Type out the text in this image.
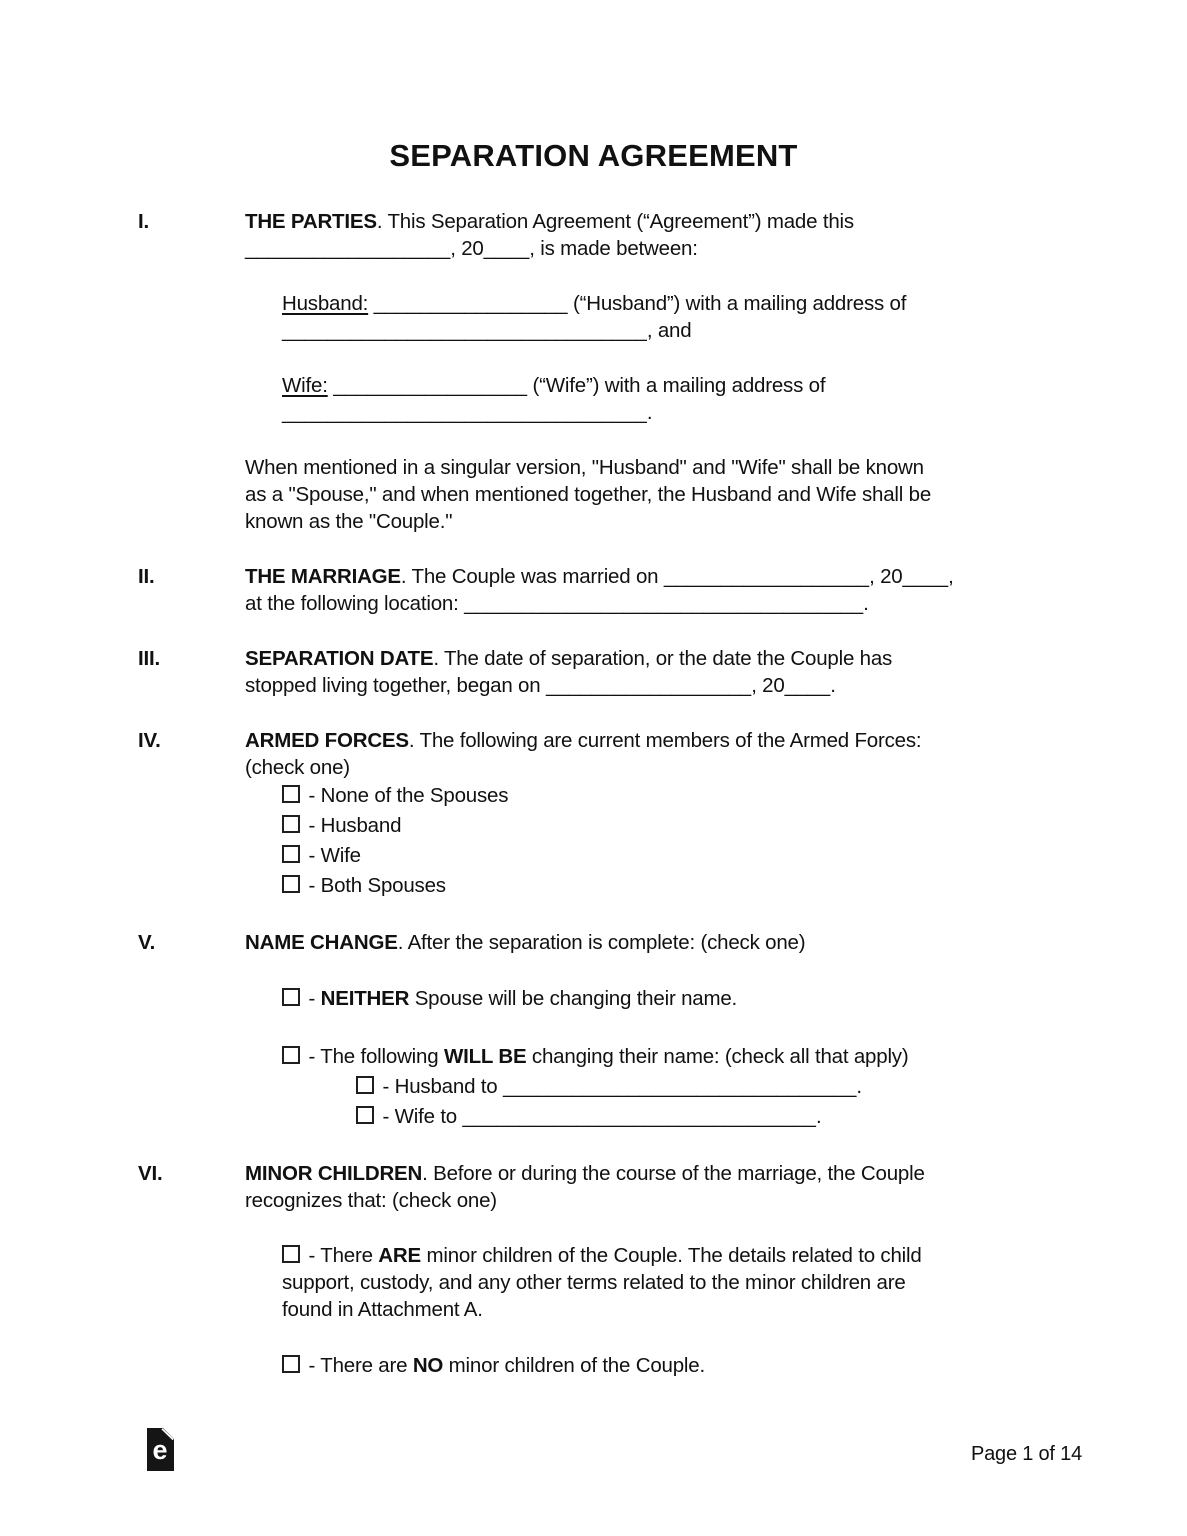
SEPARATION AGREEMENT
I.	THE PARTIES. This Separation Agreement (“Agreement”) made this
__________________, 20____, is made between:
Husband: _________________ (“Husband”) with a mailing address of
________________________________, and
Wife: _________________ (“Wife”) with a mailing address of
________________________________.
When mentioned in a singular version, "Husband" and "Wife" shall be known
as a "Spouse," and when mentioned together, the Husband and Wife shall be
known as the "Couple."
II.	THE MARRIAGE. The Couple was married on __________________, 20____,
at the following location: ___________________________________.
III.	SEPARATION DATE. The date of separation, or the date the Couple has
stopped living together, began on __________________, 20____.
IV.	ARMED FORCES. The following are current members of the Armed Forces:
(check one)
- None of the Spouses
- Husband
- Wife
- Both Spouses
V.	NAME CHANGE. After the separation is complete: (check one)
- NEITHER Spouse will be changing their name.
- The following WILL BE changing their name: (check all that apply)
- Husband to _______________________________.
- Wife to _______________________________.
VI.	MINOR CHILDREN. Before or during the course of the marriage, the Couple
recognizes that: (check one)
- There ARE minor children of the Couple. The details related to child
support, custody, and any other terms related to the minor children are
found in Attachment A.
- There are NO minor children of the Couple.
e	Page 1 of 14
